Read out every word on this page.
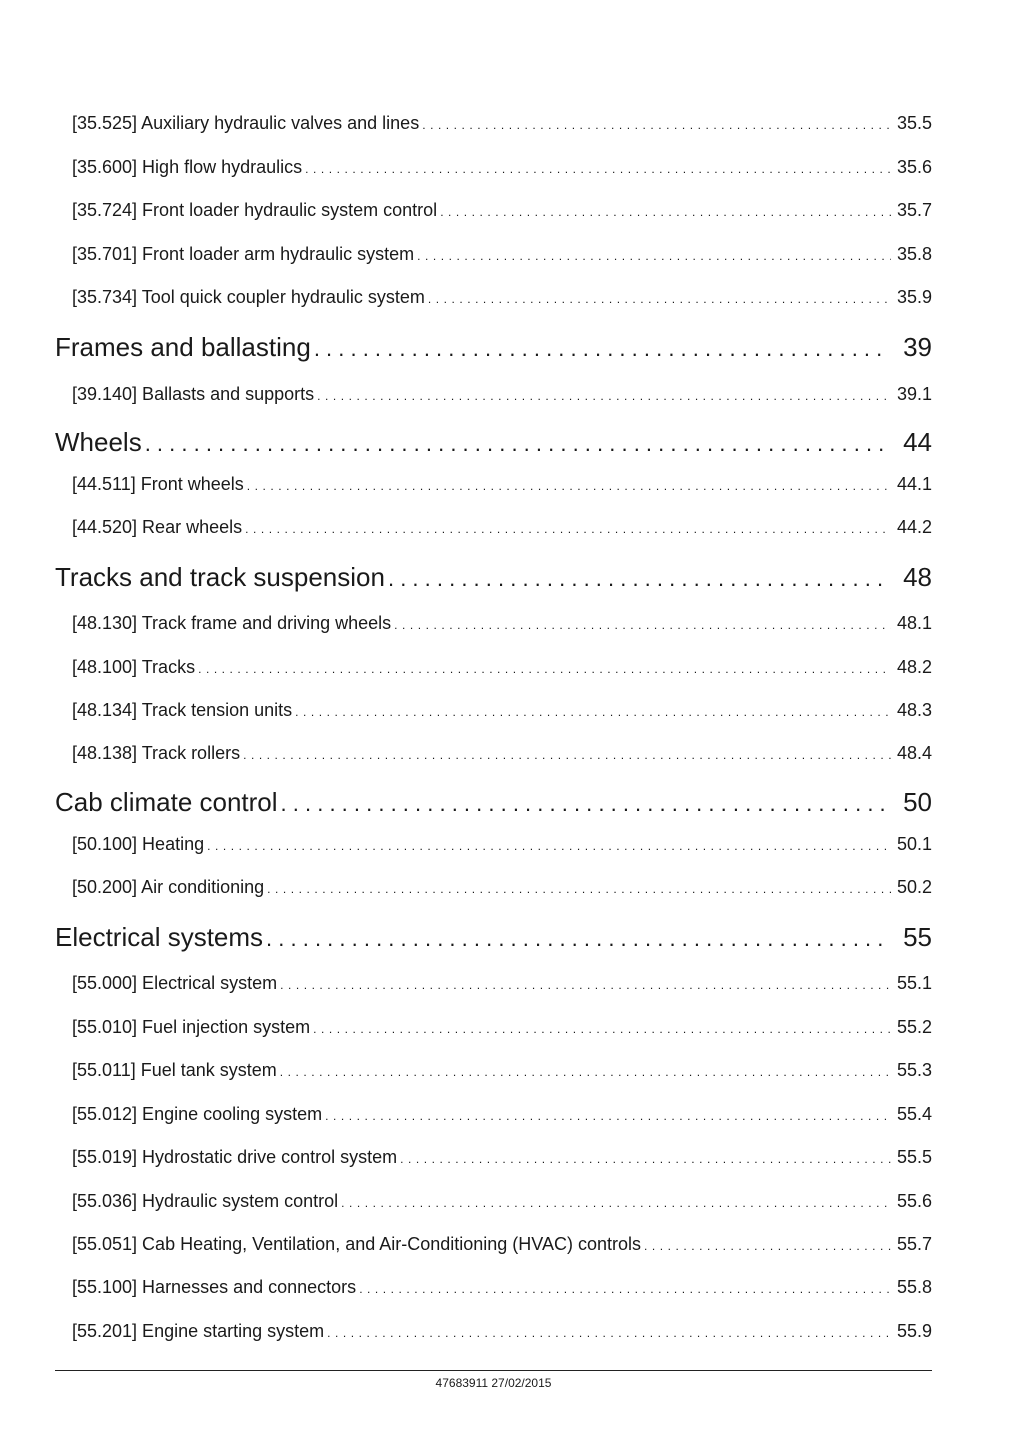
[35.525] Auxiliary hydraulic valves and lines . . .	35.5
[35.600] High flow hydraulics . . .	35.6
[35.724] Front loader hydraulic system control . . .	35.7
[35.701] Front loader arm hydraulic system . . .	35.8
[35.734] Tool quick coupler hydraulic system . . .	35.9
Frames and ballasting . . .	39
[39.140] Ballasts and supports . . .	39.1
Wheels . . .	44
[44.511] Front wheels . . .	44.1
[44.520] Rear wheels . . .	44.2
Tracks and track suspension . . .	48
[48.130] Track frame and driving wheels . . .	48.1
[48.100] Tracks . . .	48.2
[48.134] Track tension units . . .	48.3
[48.138] Track rollers . . .	48.4
Cab climate control . . .	50
[50.100] Heating . . .	50.1
[50.200] Air conditioning . . .	50.2
Electrical systems . . .	55
[55.000] Electrical system . . .	55.1
[55.010] Fuel injection system . . .	55.2
[55.011] Fuel tank system . . .	55.3
[55.012] Engine cooling system . . .	55.4
[55.019] Hydrostatic drive control system . . .	55.5
[55.036] Hydraulic system control . . .	55.6
[55.051] Cab Heating, Ventilation, and Air-Conditioning (HVAC) controls . . .	55.7
[55.100] Harnesses and connectors . . .	55.8
[55.201] Engine starting system . . .	55.9
47683911 27/02/2015
